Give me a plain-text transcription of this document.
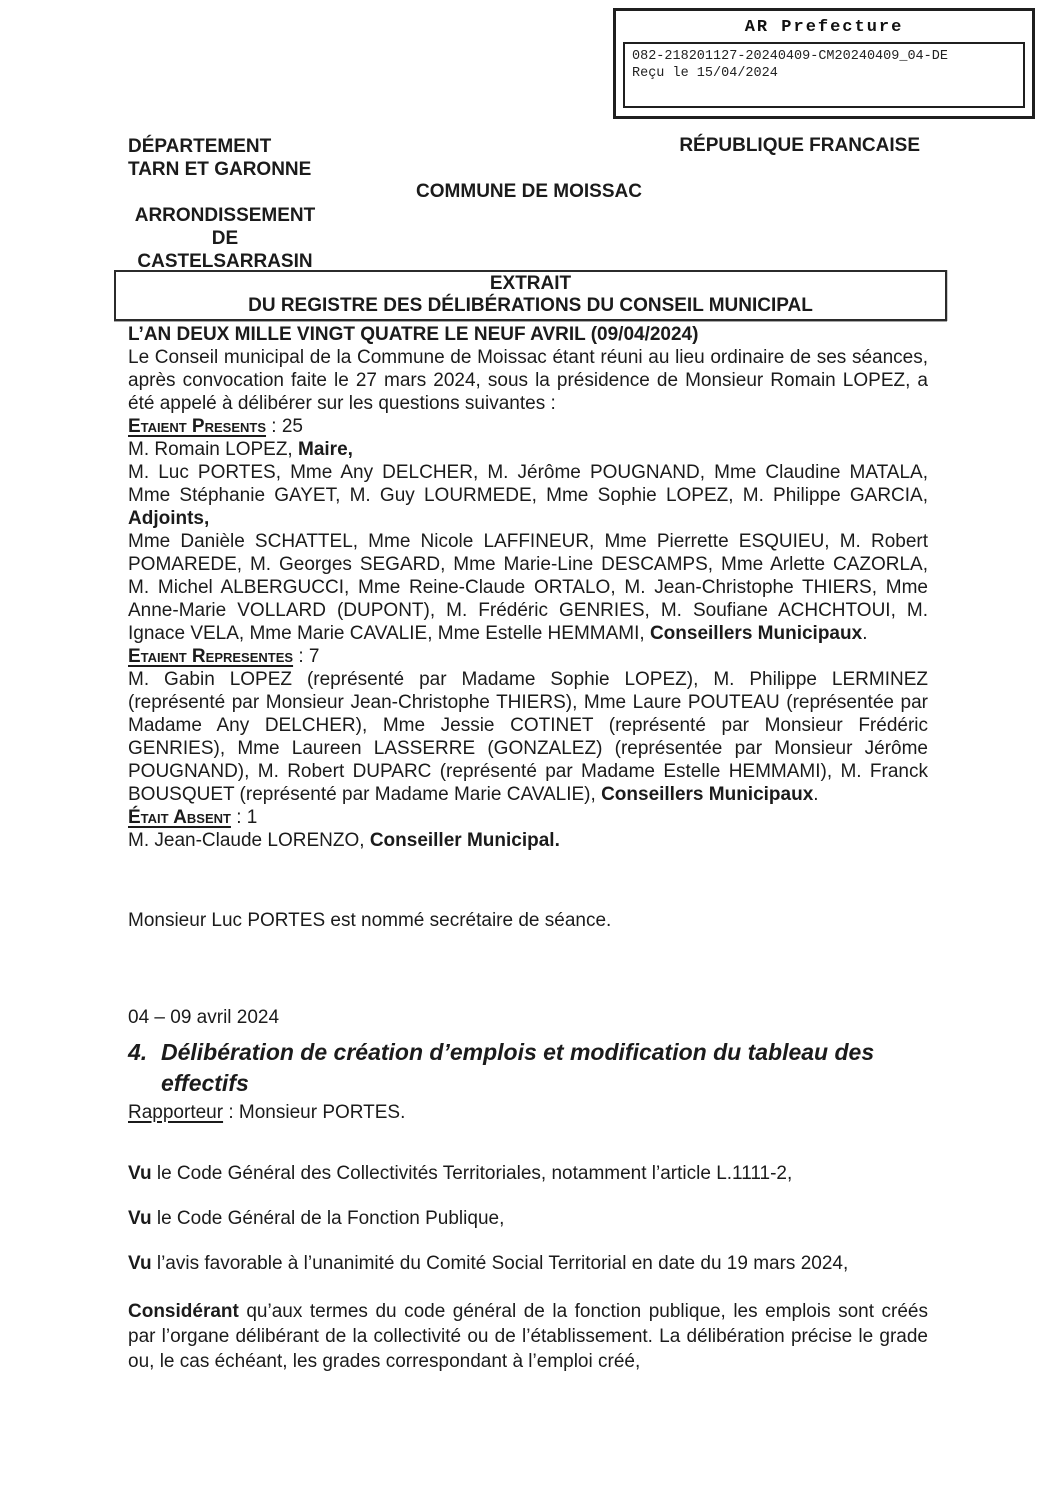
AR Prefecture
082-218201127-20240409-CM20240409_04-DE
Reçu le 15/04/2024
DÉPARTEMENT
TARN ET GARONNE
RÉPUBLIQUE FRANCAISE
COMMUNE DE MOISSAC
ARRONDISSEMENT
DE
CASTELSARRASIN
EXTRAIT
DU REGISTRE DES DÉLIBÉRATIONS DU CONSEIL MUNICIPAL

L’AN DEUX MILLE VINGT QUATRE LE NEUF AVRIL (09/04/2024)

Le Conseil municipal de la Commune de Moissac étant réuni au lieu ordinaire de ses séances, après convocation faite le 27 mars 2024, sous la présidence de Monsieur Romain LOPEZ, a été appelé à délibérer sur les questions suivantes :

Etaient Presents : 25

M. Romain LOPEZ, Maire,

M. Luc PORTES, Mme Any DELCHER, M. Jérôme POUGNAND, Mme Claudine MATALA, Mme Stéphanie GAYET, M. Guy LOURMEDE, Mme Sophie LOPEZ, M. Philippe GARCIA, Adjoints,

Mme Danièle SCHATTEL, Mme Nicole LAFFINEUR, Mme Pierrette ESQUIEU, M. Robert POMAREDE, M. Georges SEGARD, Mme Marie-Line DESCAMPS, Mme Arlette CAZORLA, M. Michel ALBERGUCCI, Mme Reine-Claude ORTALO, M. Jean-Christophe THIERS, Mme Anne-Marie VOLLARD (DUPONT), M. Frédéric GENRIES, M. Soufiane ACHCHTOUI, M. Ignace VELA, Mme Marie CAVALIE, Mme Estelle HEMMAMI, Conseillers Municipaux.

Etaient Representes : 7

M. Gabin LOPEZ (représenté par Madame Sophie LOPEZ), M. Philippe LERMINEZ (représenté par Monsieur Jean-Christophe THIERS), Mme Laure POUTEAU (représentée par Madame Any DELCHER), Mme Jessie COTINET (représenté par Monsieur Frédéric GENRIES), Mme Laureen LASSERRE (GONZALEZ) (représentée par Monsieur Jérôme POUGNAND), M. Robert DUPARC (représenté par Madame Estelle HEMMAMI), M. Franck BOUSQUET (représenté par Madame Marie CAVALIE), Conseillers Municipaux.

Était Absent : 1

M. Jean-Claude LORENZO, Conseiller Municipal.

Monsieur Luc PORTES est nommé secrétaire de séance.

04 – 09 avril 2024

4. Délibération de création d’emplois et modification du tableau des effectifs

Rapporteur : Monsieur PORTES.

Vu le Code Général des Collectivités Territoriales, notamment l’article L.1111-2,

Vu le Code Général de la Fonction Publique,

Vu l’avis favorable à l’unanimité du Comité Social Territorial en date du 19 mars 2024,

Considérant qu’aux termes du code général de la fonction publique, les emplois sont créés par l’organe délibérant de la collectivité ou de l’établissement. La délibération précise le grade ou, le cas échéant, les grades correspondant à l’emploi créé,
